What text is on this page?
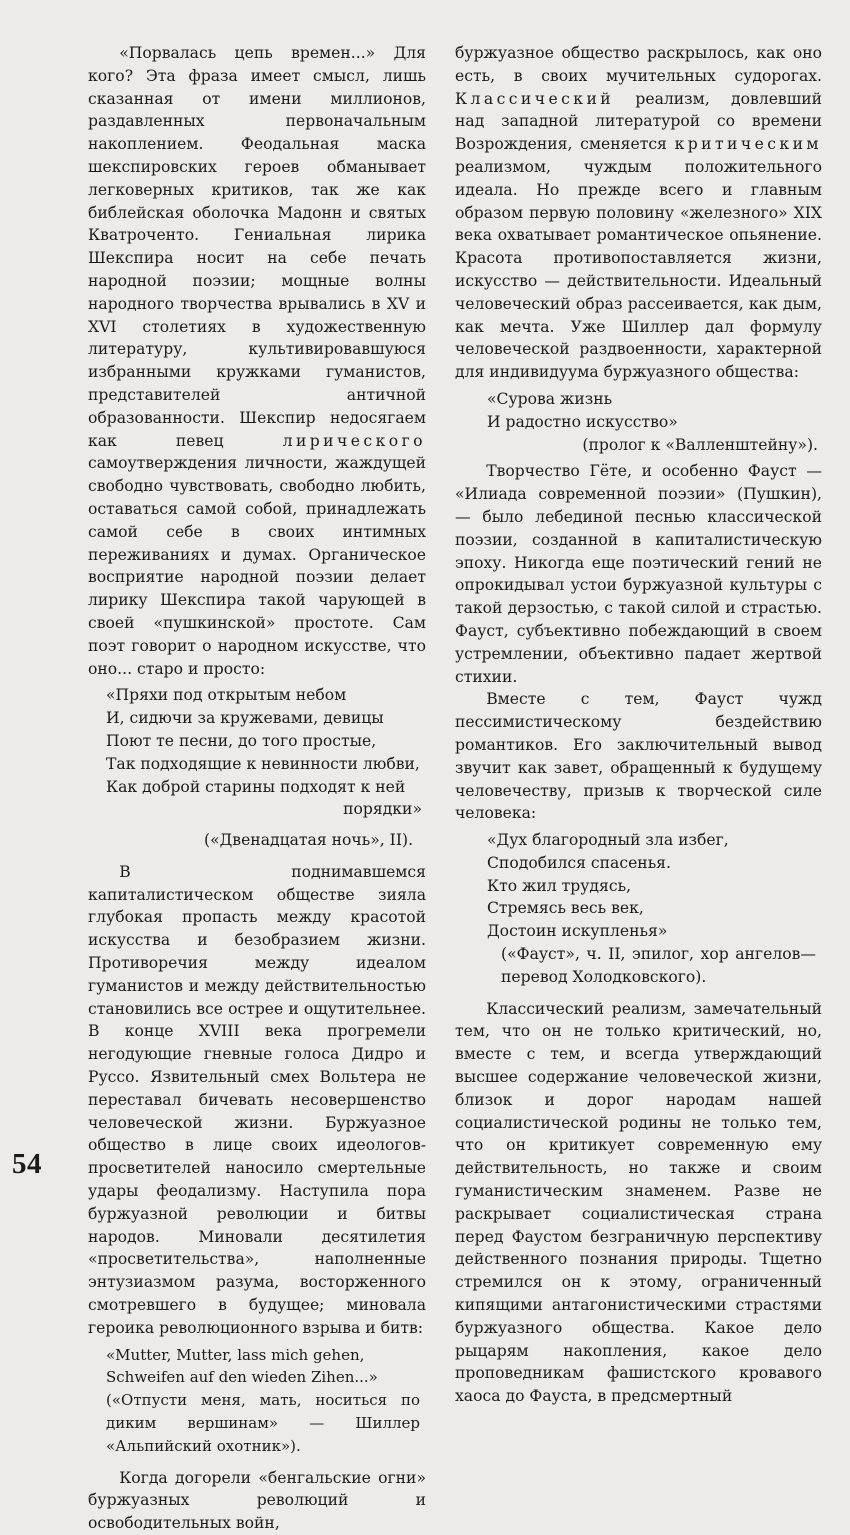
«Порвалась цепь времен...» Для кого? Эта фраза имеет смысл, лишь сказанная от имени миллионов, раздавленных первоначальным накоплением. Феодальная маска шекспировских героев обманывает легковерных критиков, так же как библейская оболочка Мадонн и святых Кватроченто. Гениальная лирика Шекспира носит на себе печать народной поэзии; мощные волны народного творчества врывались в XV и XVI столетиях в художественную литературу, культивировавшуюся избранными кружками гуманистов, представителей античной образованности. Шекспир недосягаем как певец	лирического самоутверждения личности, жаждущей свободно чувствовать, свободно любить, оставаться самой собой, принадлежать самой себе в своих интимных переживаниях и думах. Органическое восприятие народной поэзии делает лирику Шекспира такой чарующей в своей «пушкинской» простоте. Сам поэт говорит о народном искусстве, что оно... старо и просто:

«Пряхи под открытым небом
И, сидючи за кружевами, девицы
Поют те песни, до того простые,
Так подходящие к невинности любви,
Как доброй старины подходят к ней
порядки»
(«Двенадцатая ночь», II).

В поднимавшемся капиталистическом обществе зияла глубокая пропасть между красотой искусства и безобразием жизни. Противоречия между идеалом гуманистов и между действительностью становились все острее и ощутительнее. В конце XVIII века прогремели негодующие гневные голоса Дидро и Руссо. Язвительный смех Вольтера не переставал бичевать несовершенство человеческой жизни. Буржуазное общество в лице своих идеологов-просветителей наносило смертельные удары феодализму. Наступила пора буржуазной революции и битвы народов. Миновали десятилетия «просветительства», наполненные энтузиазмом разума, восторженного смотревшего в будущее; миновала героика революционного взрыва и битв:

«Mutter, Mutter, lass mich gehen,
Schweifen auf den wieden Zihen...»
(«Отпусти меня, мать, носиться по диким вершинам» — Шиллер «Альпийский охотник»).

Когда догорели «бенгальские огни» буржуазных революций и освободительных войн,

буржуазное общество раскрылось, как оно есть, в своих мучительных судорогах. Классический реализм, довлевший над западной литературой со времени Возрождения, сменяется критическим реализмом, чуждым положительного идеала. Но прежде всего и главным образом первую половину «железного» XIX века охватывает романтическое опьянение. Красота противопоставляется жизни, искусство — действительности. Идеальный человеческий образ рассеивается, как дым, как мечта. Уже Шиллер дал формулу человеческой раздвоенности, характерной для индивидуума буржуазного общества:

«Сурова жизнь
И радостно искусство»
(пролог к «Валленштейну»).

Творчество Гёте, и особенно Фауст — «Илиада современной поэзии» (Пушкин), — было лебединой песнью классической поэзии, созданной в капиталистическую эпоху. Никогда еще поэтический гений не опрокидывал устои буржуазной культуры с такой дерзостью, с такой силой и страстью. Фауст, субъективно побеждающий в своем устремлении, объективно падает жертвой стихии.

Вместе с тем, Фауст чужд пессимистическому бездействию романтиков. Его заключительный вывод звучит как завет, обращенный к будущему человечеству, призыв к творческой силе человека:

«Дух благородный зла избег,
Сподобился спасенья.
Кто жил трудясь,
Стремясь весь век,
Достоин искупленья»
(«Фауст», ч. II, эпилог, хор ангелов— перевод Холодковского).

Классический реализм, замечательный тем, что он не только критический, но, вместе с тем, и всегда утверждающий высшее содержание человеческой жизни, близок и дорог народам нашей социалистической родины не только тем, что он критикует современную ему действительность, но также и своим гуманистическим знаменем. Разве не раскрывает социалистическая страна перед Фаустом безграничную перспективу действенного познания природы. Тщетно стремился он к этому, ограниченный кипящими антагонистическими страстями буржуазного общества. Какое дело рыцарям накопления, какое дело проповедникам фашистского кровавого хаоса до Фауста, в предсмертный

54
